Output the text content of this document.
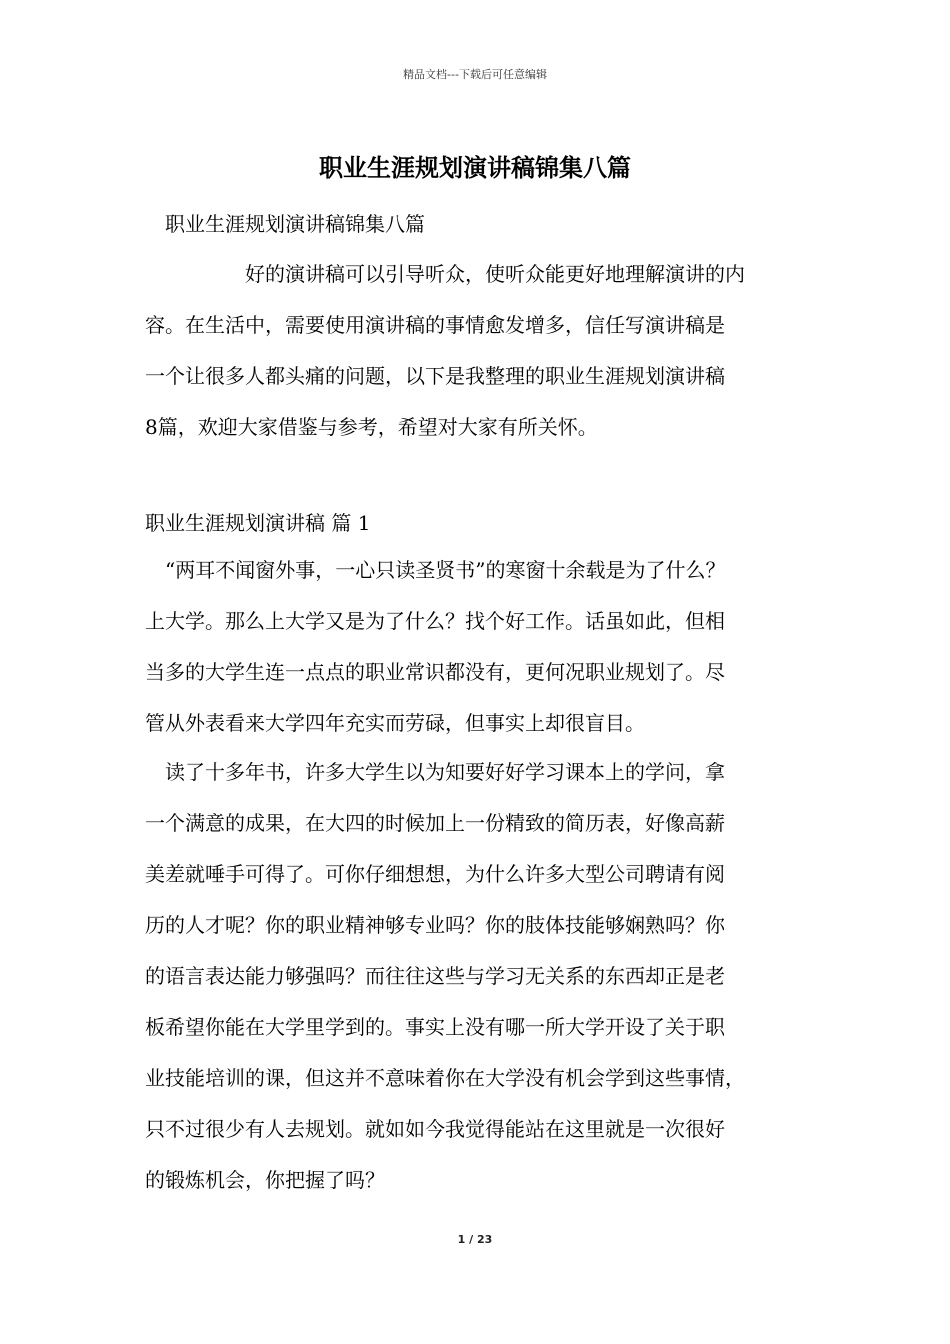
精品文档---下载后可任意编辑
职业生涯规划演讲稿锦集八篇
职业生涯规划演讲稿锦集八篇
　　　　　好的演讲稿可以引导听众，使听众能更好地理解演讲的内
容。在生活中，需要使用演讲稿的事情愈发增多，信任写演讲稿是
一个让很多人都头痛的问题，以下是我整理的职业生涯规划演讲稿
8篇，欢迎大家借鉴与参考，希望对大家有所关怀。
职业生涯规划演讲稿 篇 1
　“两耳不闻窗外事，一心只读圣贤书”的寒窗十余载是为了什么？
上大学。那么上大学又是为了什么？找个好工作。话虽如此，但相
当多的大学生连一点点的职业常识都没有，更何况职业规划了。尽
管从外表看来大学四年充实而劳碌，但事实上却很盲目。
　读了十多年书，许多大学生以为知要好好学习课本上的学问，拿
一个满意的成果，在大四的时候加上一份精致的简历表，好像高薪
美差就唾手可得了。可你仔细想想，为什么许多大型公司聘请有阅
历的人才呢？你的职业精神够专业吗？你的肢体技能够娴熟吗？你
的语言表达能力够强吗？而往往这些与学习无关系的东西却正是老
板希望你能在大学里学到的。事实上没有哪一所大学开设了关于职
业技能培训的课，但这并不意味着你在大学没有机会学到这些事情，
只不过很少有人去规划。就如如今我觉得能站在这里就是一次很好
的锻炼机会，你把握了吗？
1 / 23
